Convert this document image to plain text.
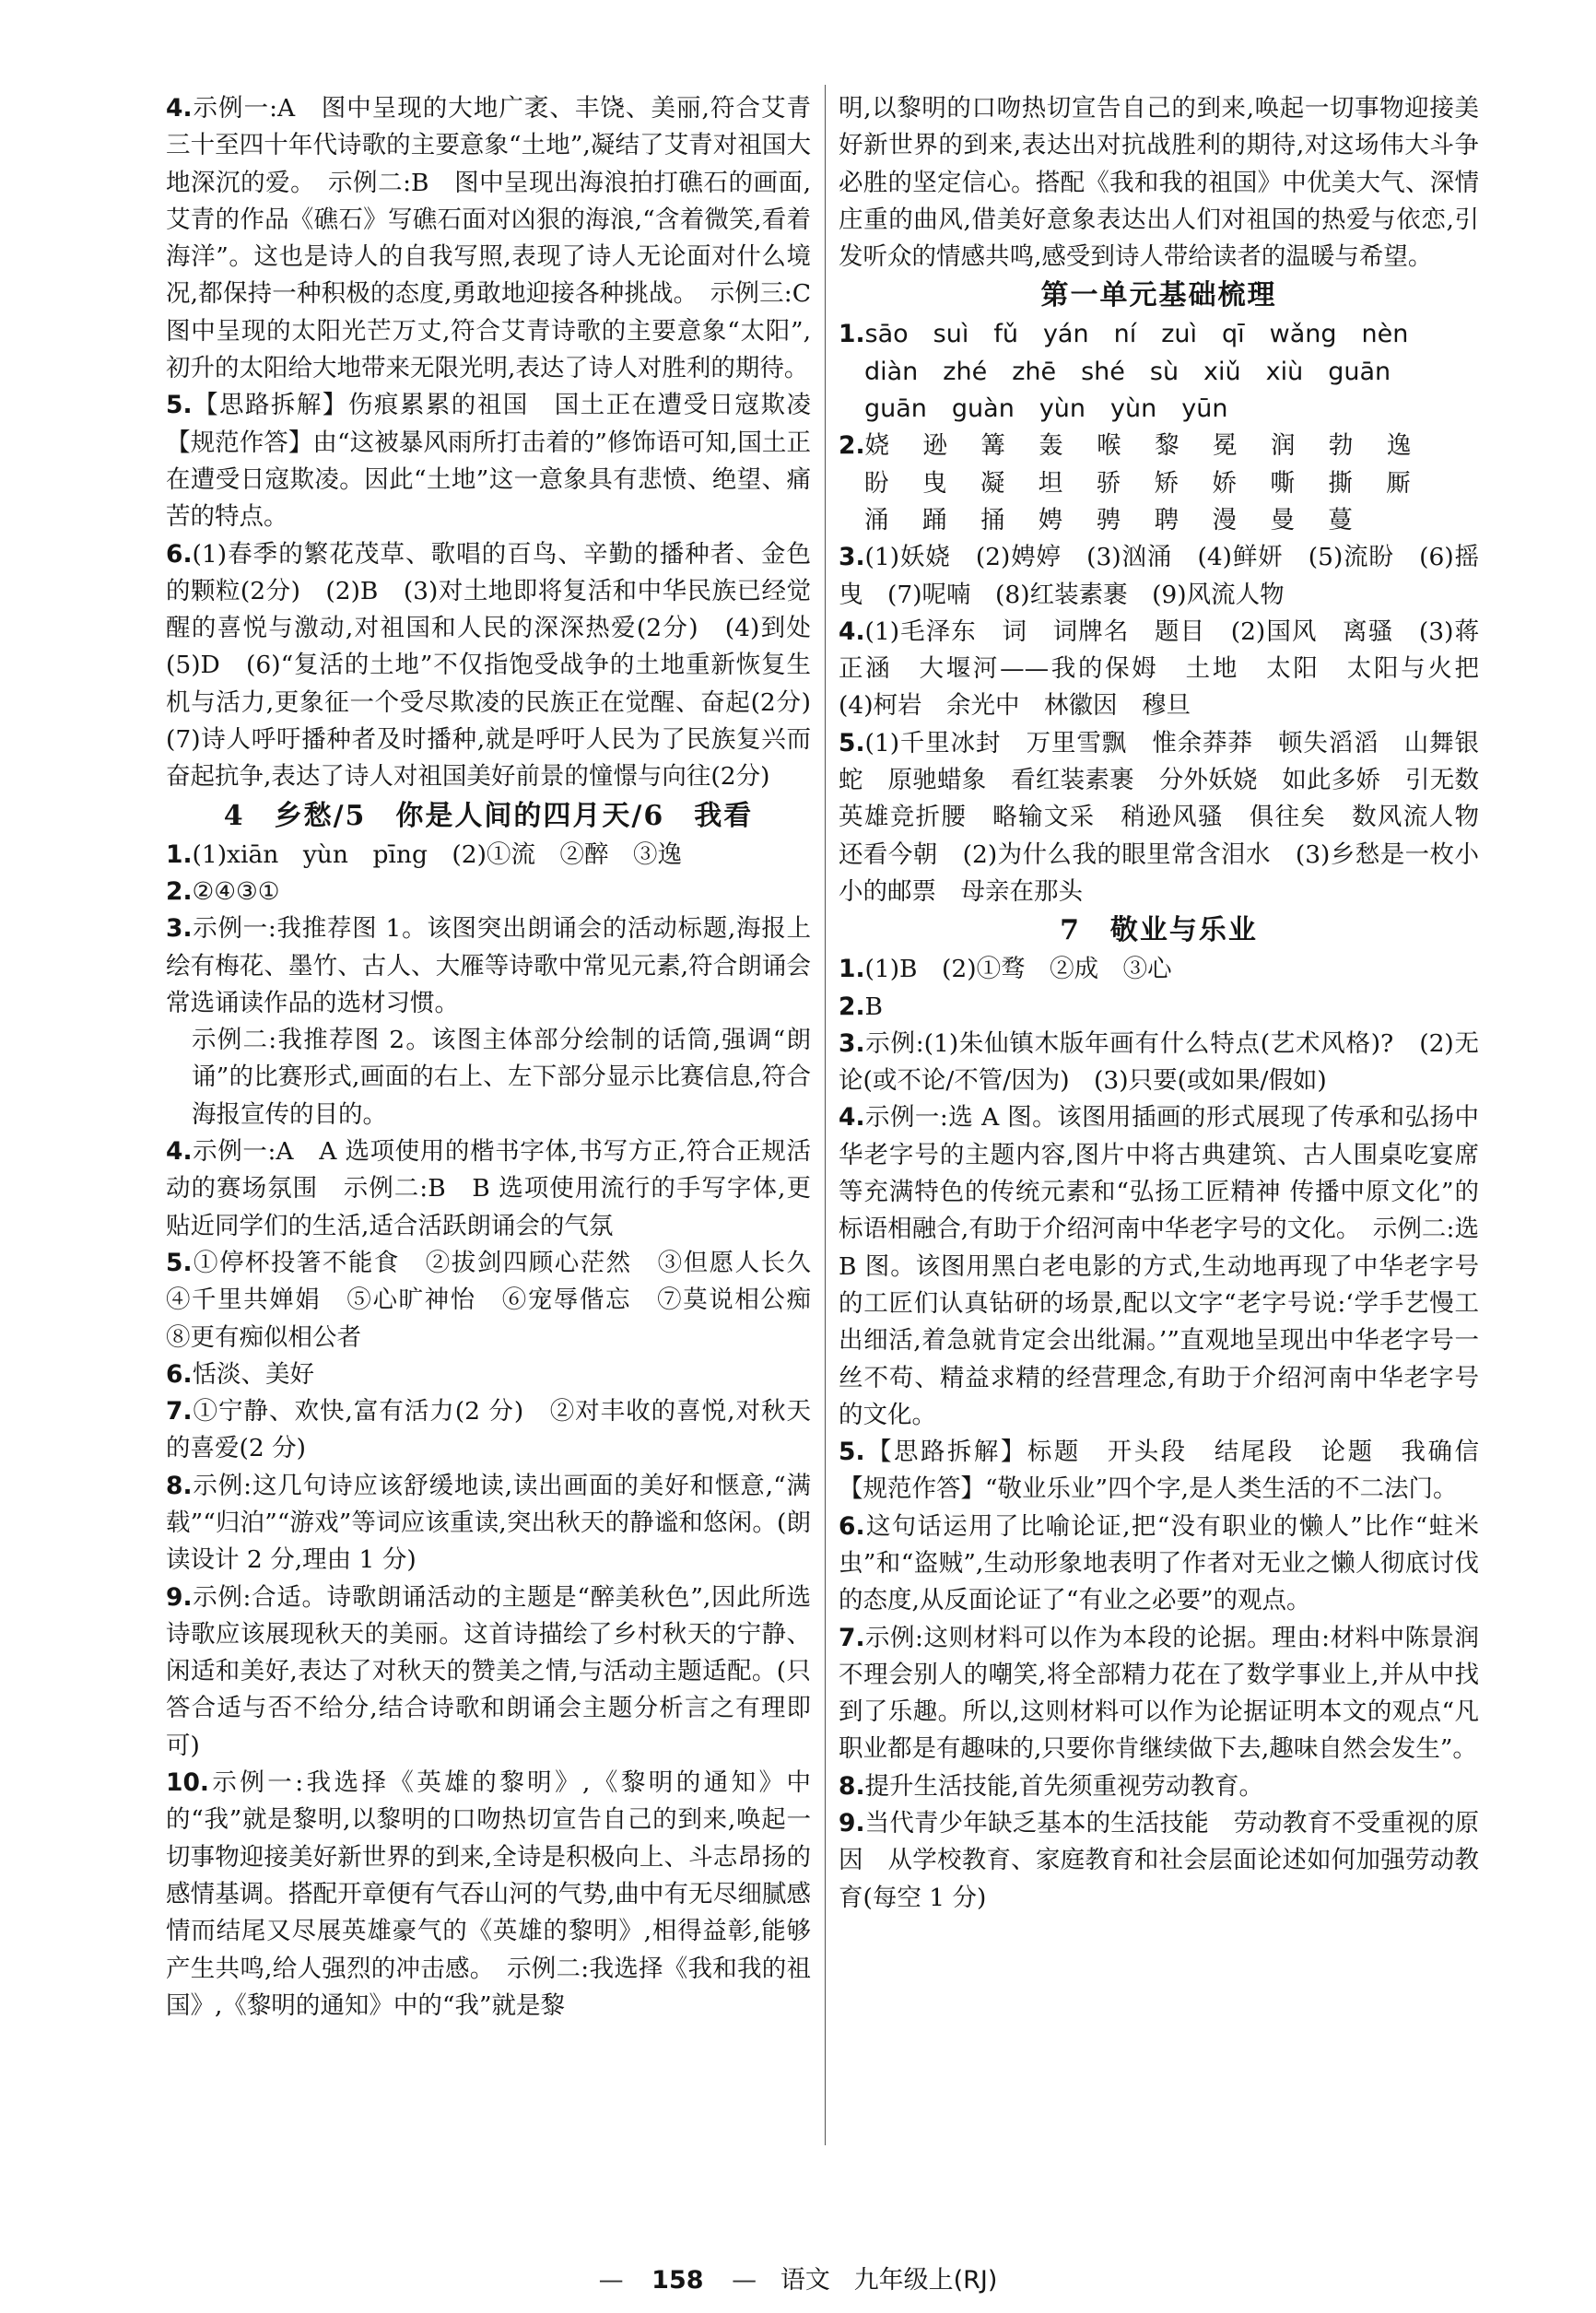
4.示例一:A　图中呈现的大地广袤、丰饶、美丽,符合艾青三十至四十年代诗歌的主要意象“土地”,凝结了艾青对祖国大地深沉的爱。　示例二:B　图中呈现出海浪拍打礁石的画面,艾青的作品《礁石》写礁石面对凶狠的海浪,“含着微笑,看着海洋”。这也是诗人的自我写照,表现了诗人无论面对什么境况,都保持一种积极的态度,勇敢地迎接各种挑战。　示例三:C　图中呈现的太阳光芒万丈,符合艾青诗歌的主要意象“太阳”,初升的太阳给大地带来无限光明,表达了诗人对胜利的期待。
5.【思路拆解】伤痕累累的祖国　国土正在遭受日寇欺凌　【规范作答】由“这被暴风雨所打击着的”修饰语可知,国土正在遭受日寇欺凌。因此“土地”这一意象具有悲愤、绝望、痛苦的特点。
6.(1)春季的繁花茂草、歌唱的百鸟、辛勤的播种者、金色的颗粒(2分)　(2)B　(3)对土地即将复活和中华民族已经觉醒的喜悦与激动,对祖国和人民的深深热爱(2分)　(4)到处　(5)D　(6)“复活的土地”不仅指饱受战争的土地重新恢复生机与活力,更象征一个受尽欺凌的民族正在觉醒、奋起(2分)　(7)诗人呼吁播种者及时播种,就是呼吁人民为了民族复兴而奋起抗争,表达了诗人对祖国美好前景的憧憬与向往(2分)
4　乡愁/5　你是人间的四月天/6　我看
1.(1)xiān　yùn　pīng　(2)①流　②醉　③逸
2.②④③①
3.示例一:我推荐图 1。该图突出朗诵会的活动标题,海报上绘有梅花、墨竹、古人、大雁等诗歌中常见元素,符合朗诵会常选诵读作品的选材习惯。
示例二:我推荐图 2。该图主体部分绘制的话筒,强调“朗诵”的比赛形式,画面的右上、左下部分显示比赛信息,符合海报宣传的目的。
4.示例一:A　A 选项使用的楷书字体,书写方正,符合正规活动的赛场氛围　示例二:B　B 选项使用流行的手写字体,更贴近同学们的生活,适合活跃朗诵会的气氛
5.①停杯投箸不能食　②拔剑四顾心茫然　③但愿人长久　④千里共婵娟　⑤心旷神怡　⑥宠辱偕忘　⑦莫说相公痴　⑧更有痴似相公者
6.恬淡、美好
7.①宁静、欢快,富有活力(2 分)　②对丰收的喜悦,对秋天的喜爱(2 分)
8.示例:这几句诗应该舒缓地读,读出画面的美好和惬意,“满载”“归泊”“游戏”等词应该重读,突出秋天的静谧和悠闲。(朗读设计 2 分,理由 1 分)
9.示例:合适。诗歌朗诵活动的主题是“醉美秋色”,因此所选诗歌应该展现秋天的美丽。这首诗描绘了乡村秋天的宁静、闲适和美好,表达了对秋天的赞美之情,与活动主题适配。(只答合适与否不给分,结合诗歌和朗诵会主题分析言之有理即可)
10.示例一:我选择《英雄的黎明》,《黎明的通知》中的“我”就是黎明,以黎明的口吻热切宣告自己的到来,唤起一切事物迎接美好新世界的到来,全诗是积极向上、斗志昂扬的感情基调。搭配开章便有气吞山河的气势,曲中有无尽细腻感情而结尾又尽展英雄豪气的《英雄的黎明》,相得益彰,能够产生共鸣,给人强烈的冲击感。　示例二:我选择《我和我的祖国》,《黎明的通知》中的“我”就是黎
明,以黎明的口吻热切宣告自己的到来,唤起一切事物迎接美好新世界的到来,表达出对抗战胜利的期待,对这场伟大斗争必胜的坚定信心。搭配《我和我的祖国》中优美大气、深情庄重的曲风,借美好意象表达出人们对祖国的热爱与依恋,引发听众的情感共鸣,感受到诗人带给读者的温暖与希望。
第一单元基础梳理
1.sāo　suì　fǔ　yán　ní　zuì　qī　wǎng　nèn
diàn　zhé　zhē　shé　sù　xiǔ　xiù　guān
guān　guàn　yùn　yùn　yūn
2.娆 逊 篝 轰 喉 黎 冕 润 勃 逸
盼 曳 凝 坦 骄 矫 娇 嘶 撕 厮
涌 踊 捅 娉 骋 聘 漫 曼 蔓
3.(1)妖娆　(2)娉婷　(3)汹涌　(4)鲜妍　(5)流盼　(6)摇曳　(7)呢喃　(8)红装素裹　(9)风流人物
4.(1)毛泽东　词　词牌名　题目　(2)国风　离骚　(3)蒋正涵　大堰河——我的保姆　土地　太阳　太阳与火把　(4)柯岩　余光中　林徽因　穆旦
5.(1)千里冰封　万里雪飘　惟余莽莽　顿失滔滔　山舞银蛇　原驰蜡象　看红装素裹　分外妖娆　如此多娇　引无数英雄竞折腰　略输文采　稍逊风骚　俱往矣　数风流人物　还看今朝　(2)为什么我的眼里常含泪水　(3)乡愁是一枚小小的邮票　母亲在那头
7　敬业与乐业
1.(1)B　(2)①骛　②成　③心
2.B
3.示例:(1)朱仙镇木版年画有什么特点(艺术风格)?　(2)无论(或不论/不管/因为)　(3)只要(或如果/假如)
4.示例一:选 A 图。该图用插画的形式展现了传承和弘扬中华老字号的主题内容,图片中将古典建筑、古人围桌吃宴席等充满特色的传统元素和“弘扬工匠精神 传播中原文化”的标语相融合,有助于介绍河南中华老字号的文化。　示例二:选 B 图。该图用黑白老电影的方式,生动地再现了中华老字号的工匠们认真钻研的场景,配以文字“老字号说:‘学手艺慢工出细活,着急就肯定会出纰漏。’”直观地呈现出中华老字号一丝不苟、精益求精的经营理念,有助于介绍河南中华老字号的文化。
5.【思路拆解】标题　开头段　结尾段　论题　我确信　【规范作答】“敬业乐业”四个字,是人类生活的不二法门。
6.这句话运用了比喻论证,把“没有职业的懒人”比作“蛀米虫”和“盗贼”,生动形象地表明了作者对无业之懒人彻底讨伐的态度,从反面论证了“有业之必要”的观点。
7.示例:这则材料可以作为本段的论据。理由:材料中陈景润不理会别人的嘲笑,将全部精力花在了数学事业上,并从中找到了乐趣。所以,这则材料可以作为论据证明本文的观点“凡职业都是有趣味的,只要你肯继续做下去,趣味自然会发生”。
8.提升生活技能,首先须重视劳动教育。
9.当代青少年缺乏基本的生活技能　劳动教育不受重视的原因　从学校教育、家庭教育和社会层面论述如何加强劳动教育(每空 1 分)
— 158 — 语文 九年级上(RJ)
